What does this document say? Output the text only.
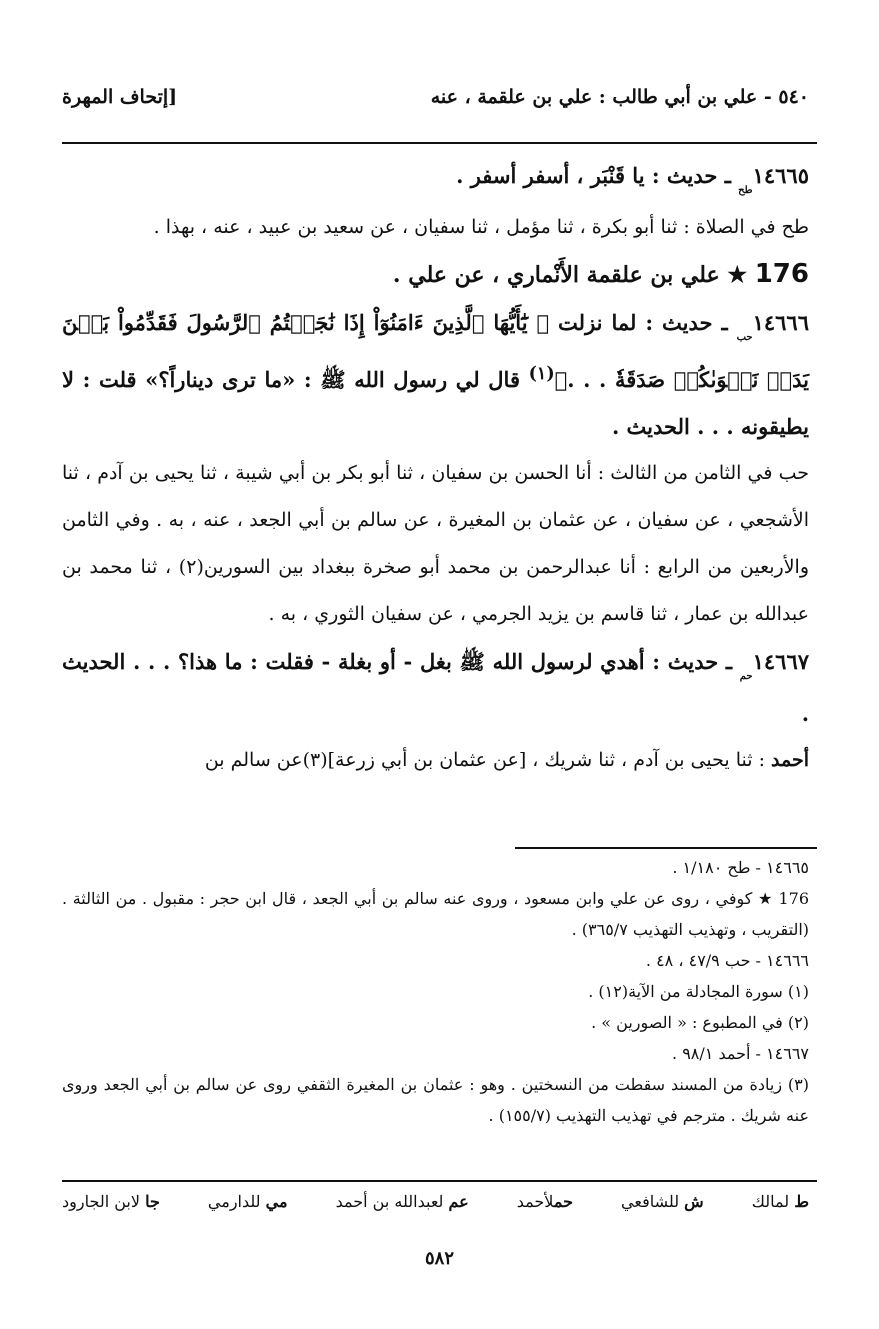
٥٤٠ - علي بن أبي طالب : علي بن علقمة ، عنه
[إتحاف المهرة

$١٤٦٦٥_{طح}$ ـ حديث : يا قَنْبَر ، أسفر أسفر .

طح في الصلاة : ثنا أبو بكرة ، ثنا مؤمل ، ثنا سفيان ، عن سعيد بن عبيد ، عنه ، بهذا .

176 ★ علي بن علقمة الأَنْماري ، عن علي .

$١٤٦٦٦_{حب}$ ـ حديث : لما نزلت ﴿ يَٰٓأَيُّهَا ٱلَّذِينَ ءَامَنُوٓاْ إِذَا نَٰجَيۡتُمُ ٱلرَّسُولَ فَقَدِّمُواْ بَيۡنَ يَدَيۡ نَجۡوَىٰكُمۡ صَدَقَةٗ . . .﴾$^{(١)}$ قال لي رسول الله ﷺ : «ما ترى ديناراً؟» قلت : لا يطيقونه . . . الحديث .

حب في الثامن من الثالث : أنا الحسن بن سفيان ، ثنا أبو بكر بن أبي شيبة ، ثنا يحيى بن آدم ، ثنا الأشجعي ، عن سفيان ، عن عثمان بن المغيرة ، عن سالم بن أبي الجعد ، عنه ، به . وفي الثامن والأربعين من الرابع : أنا عبدالرحمن بن محمد أبو صخرة ببغداد بين السورين(٢) ، ثنا محمد بن عبدالله بن عمار ، ثنا قاسم بن يزيد الجرمي ، عن سفيان الثوري ، به .

$١٤٦٦٧_{حم}$ ـ حديث : أهدي لرسول الله ﷺ بغل - أو بغلة - فقلت : ما هذا؟ . . . الحديث .

أحمد : ثنا يحيى بن آدم ، ثنا شريك ، [عن عثمان بن أبي زرعة](٣)عن سالم بن

١٤٦٦٥ - طح ١/١٨٠ .

176 ★ كوفي ، روى عن علي وابن مسعود ، وروى عنه سالم بن أبي الجعد ، قال ابن حجر : مقبول . من الثالثة . (التقريب ، وتهذيب التهذيب ٣٦٥/٧) .

١٤٦٦٦ - حب ٤٧/٩ ، ٤٨ .

(١) سورة المجادلة من الآية(١٢) .

(٢) في المطبوع : « الصورين » .

١٤٦٦٧ - أحمد ٩٨/١ .

(٣) زيادة من المسند سقطت من النسختين . وهو : عثمان بن المغيرة الثقفي روى عن سالم بن أبي الجعد وروى عنه شريك . مترجم في تهذيب التهذيب (١٥٥/٧) .

ط لمالك
ش للشافعي
حملأحمد
عم لعبدالله بن أحمد
مي للدارمي
جا لابن الجارود
٥٨٢
